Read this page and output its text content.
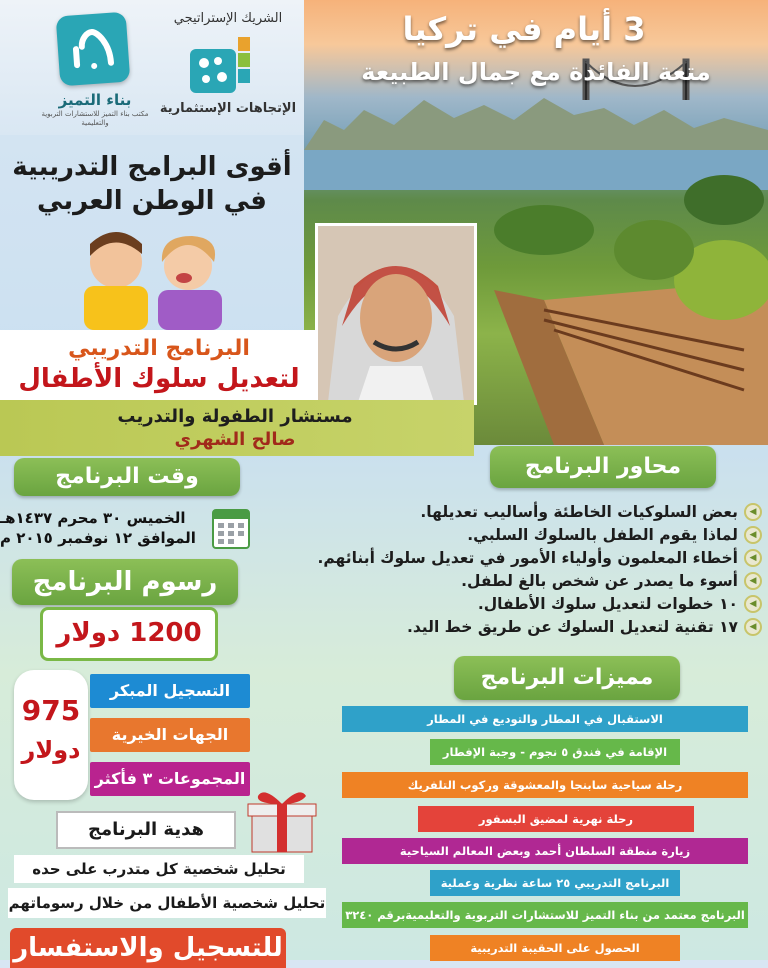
بناء التميز
مكتب بناء التميز للاستشارات التربوية والتعليمية
الشريك الإستراتيجي
الإتجاهات الإستثمارية
3 أيام في تركيا
متعة الفائدة مع جمال الطبيعة
أقوى البرامج التدريبية في الوطن العربي
البرنامج التدريبي
لتعديل سلوك الأطفال
مستشار الطفولة والتدريب
صالح الشهري
وقت البرنامج
الخميس ٣٠ محرم ١٤٣٧هـ
الموافق ١٢ نوفمبر ٢٠١٥ م
رسوم البرنامج
1200 دولار
975
دولار
التسجيل المبكر
الجهات الخيرية
المجموعات ٣ فأكثر
هدية البرنامج
تحليل شخصية كل متدرب على حده
تحليل شخصية الأطفال من خلال رسوماتهم
للتسجيل والاستفسار
محاور البرنامج
◀
بعض السلوكيات الخاطئة وأساليب تعديلها.
◀
لماذا يقوم الطفل بالسلوك السلبي.
◀
أخطاء المعلمون وأولياء الأمور في تعديل سلوك أبنائهم.
◀
أسوء ما يصدر عن شخص بالغ لطفل.
◀
١٠ خطوات لتعديل سلوك الأطفال.
◀
١٧ تقنية لتعديل السلوك عن طريق خط اليد.
مميزات البرنامج
الاستقبال في المطار والتوديع في المطار
الإقامة في فندق ٥ نجوم - وجبة الإفطار
رحلة سياحية سابنجا والمعشوقة وركوب التلفريك
رحلة نهرية لمضيق البسفور
زيارة منطقة السلطان أحمد وبعض المعالم السياحية
البرنامج التدريبي ٢٥ ساعة نظرية وعملية
البرنامج معتمد من بناء التميز للاستشارات التربوية والتعليميةبرقم ٣٢٤٠
الحصول على الحقيبة التدريبية
